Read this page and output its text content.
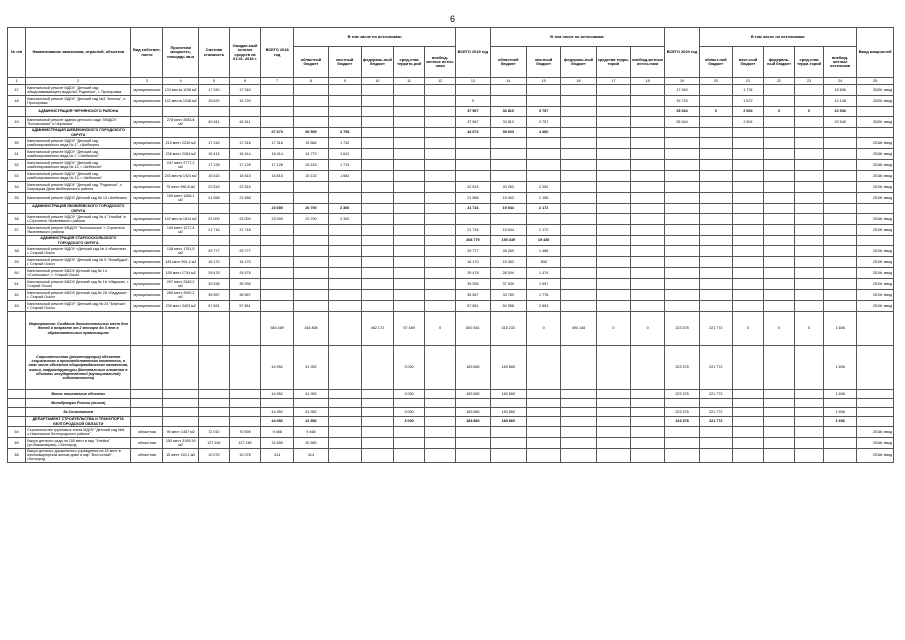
6
№ п/п	Наименование заказчиков, отраслей, объектов	Вид собствен-ности	Проектная мощность, площадь кв.м	Сметная стоимость	Ожидае-мый остаток средств на 01.01. 2018 г.	ВСЕГО 2018 год	В том числе по источникам:					ВСЕГО 2019 год	В том числе по источникам:					ВСЕГО 2020 год	В том числе по источникам:					Ввод мощностей
							областной бюджет	местный бюджет	федераль-ный бюджет	сред-ства террито-рий	внебюд-жетные источ-ники		областной бюджет	местный бюджет	федераль-ный бюджет	средства терри-торий	внебюд-жетные источ-ники		област-ной бюджет	мест-ный бюджет	федераль-ный бюджет	сред-ства терри-торий	внебюд-жетные источники	
1	2	3	4	5	6	7	8	9	10	11	12	13	14	15	16	17	18	19	20	21	22	23	24	25
47	Капитальный ремонт МДОУ "Детский сад общеразвивающего вида №2 Родничок", г. Прохоровка	муниципальная	134 места 1198 м2	17 340	17 340													17 340		1 734			15 606	2020г. ввод
48	Капитальный ремонт МДОУ "Детский сад №3 "Аленка", п. Прохоровка	муниципальная	142 места 1048 м2	15 620	15 720							0						15 720		1 572			14 148	2020г. ввод
	АДМИНИСТРАЦИЯ ЧЕРНЯНСКОГО РАЙОНА											37 567	33 810	3 757				25 044	0	2 504	0	0	22 540	
49	Капитальный ремонт здания детского сада "МБДОУ "Колокольчик" п.Чернянка"	муниципальная	278 мест 2083,8 м2	62 611	62 611							37 567	33 810	3 757				25 044		2 504			22 540	2020г. ввод
	АДМИНИСТРАЦИЯ ШЕБЕКИНСКОГО ГОРОДСКОГО ОКРУГА					67 673	60 905	6 768				44 673	39 603	4 460										
50	Капитальный ремонт МДОУ "Детский сад комбинированного вида № 1", г.Шебекино	муниципальная	210 мест 2230 м2	17 316	17 316	17 316	15 584	1 732																2018г. ввод
51	Капитальный ремонт МДОУ "Детский сад комбинированного вида № 7, г.Шебекино"	муниципальная	226 мест 2284 м2	16 414	16 414	16 414	14 773	1 641																2018г. ввод
52	Капитальный ремонт МДОУ "Детский сад комбинированного вида № 12, г. Шебекино"	муниципальная	247 мест 2777,1 м2	17 128	17 128	17 128	15 415	1 713																2018г. ввод
53	Капитальный ремонт МДОУ "Детский сад комбинированного вида № 13, г. Шебекино"	муниципальная	243 места 1924 м2	16 815	16 815	16 815	15 133	1 682																2018г. ввод
54	Капитальный ремонт МДОУ "Детский сад "Родничок", с Батрацкая Дача Шебекинского района	муниципальная	75 мест 960,8 м2	22 515	22 515							22 515	20 263	2 252										2019г. ввод
55	Капитальный ремонт МДОУ Детский сад № 10 г.Шебекино	муниципальная	100 мест 1268,1 м2	21 558	21 558							21 558	19 402	2 156										2019г. ввод
	АДМИНИСТРАЦИЯ ЯКОВЛЕВСКОГО ГОРОДСКОГО ОКРУГА					23 000	20 700	2 300				21 716	19 544	2 172										
56	Капитальный ремонт МДОУ "Детский сад № 4 "Улыбка" в г.Строитель Яковлевского района	муниципальная	142 места 1514 м2	23 000	23 000	23 000	20 700	2 300																2018г. ввод
57	Капитальный ремонт МБДОУ "Колокольчик" г. Строитель Яковлевского района	муниципальная	149 мест 1277,4 м2	21 716	21 716							21 716	19 544	2 172										2019г. ввод
	АДМИНИСТРАЦИЯ СТАРООСКОЛЬСКОГО ГОРОДСКОГО ОКРУГА											208 779	190 349	19 430										
58	Капитальный ремонт МДОУ «Детский сад № 4 «Василек», г. Старый Оскол	муниципальная	138 мест 1751,5 м2	29 777	29 777							29 777	28 269	1 488										2019г. ввод
59	Капитальный ремонт МДОУ "Детский сад № 5 "Незабудка", г. Старый Оскол	муниципальная	145 мест 961,2 м2	16 170	16 170							16 170	15 362	808										2019г. ввод
60	Капитальный ремонт МБОУ Детский сад № 14 «Солнышко», г. Старый Оскол	муниципальная	155 мест 1734 м2	29 478	29 478							29 478	28 004	1 474										2019г. ввод
61	Капитальный ремонт МБОУ Детский сад № 16 «Ивушка», г. Старый Оскол	муниципальная	207 мест 2349,2 м2	39 936	39 936							39 936	37 939	1 997										2019г. ввод
62	Капитальный ремонт МБОУ Детский сад № 28 «Ладушки» г. Старый Оскол	муниципальная	280 мест 2092,2 м2	35 567	35 567							35 567	33 789	1 778										2019г. ввод
63	Капитальный ремонт МДОУ "Детский сад № 24 "Березка", г. Старый Оскол	муниципальная	239 мест 3403 м2	57 851	57 851							57 851	54 958	2 893										2019г. ввод
	Мероприятие: Создание дополнительных мест для детей в возрасте от 2 месяцев до 3 лет в образовательных организациях					584 469	164 808		462 172	57 489	0	800 361	315 233	0	494 148	0	0	223 378	221 772	0	0	0	1 606	
	Строительство (реконструкция) объектов социального и производственного комплексов, в том числе объектов общегражданского назначения, жилья, инфраструктуры (Капитальные вложения в объекты государственной (муниципальной) собственности)					44 952	41 952			3 000		183 860	183 860					223 378	221 772				1 606	
	Вновь начинаемые объекты					44 952	41 952			3 000		183 860	183 860					223 378	221 772				1 606	
	Минобрнауки России (вызов)																							
	За Селизнанием					44 952	41 952			3 000		183 860	183 860					223 378	221 772				1 606	
	ДЕПАРТАМЕНТ СТРОИТЕЛЬСТВА И ТРАНСПОРТА БЕЛГОРОДСКОЙ ОБЛАСТИ					44 952	41 952			3 000		183 860	183 860					223 378	221 772				1 606	
64	Строительство групповых ячеек МДОУ "Детский сад №8, с.Никольское Белгородского района"	областная	90 мест 1457 м2	72 010	70 695	9 468	9 468																	2018г. ввод
65	Выкуп детского сада на 150 мест в мкр "Улейка" (ул.Машковцева), г.Белгород	областная	150 мест 3199,39 м2	127 160	127 160	32 650	32 650																	2018г. ввод
66	Выкуп детского дошкольного учреждения на 15 мест в многоквартирном жилом доме в мкр "Восточный", г.Белгород	областная	15 мест 153,1 м2	10 076	10 076	414	414																	2018г. ввод
